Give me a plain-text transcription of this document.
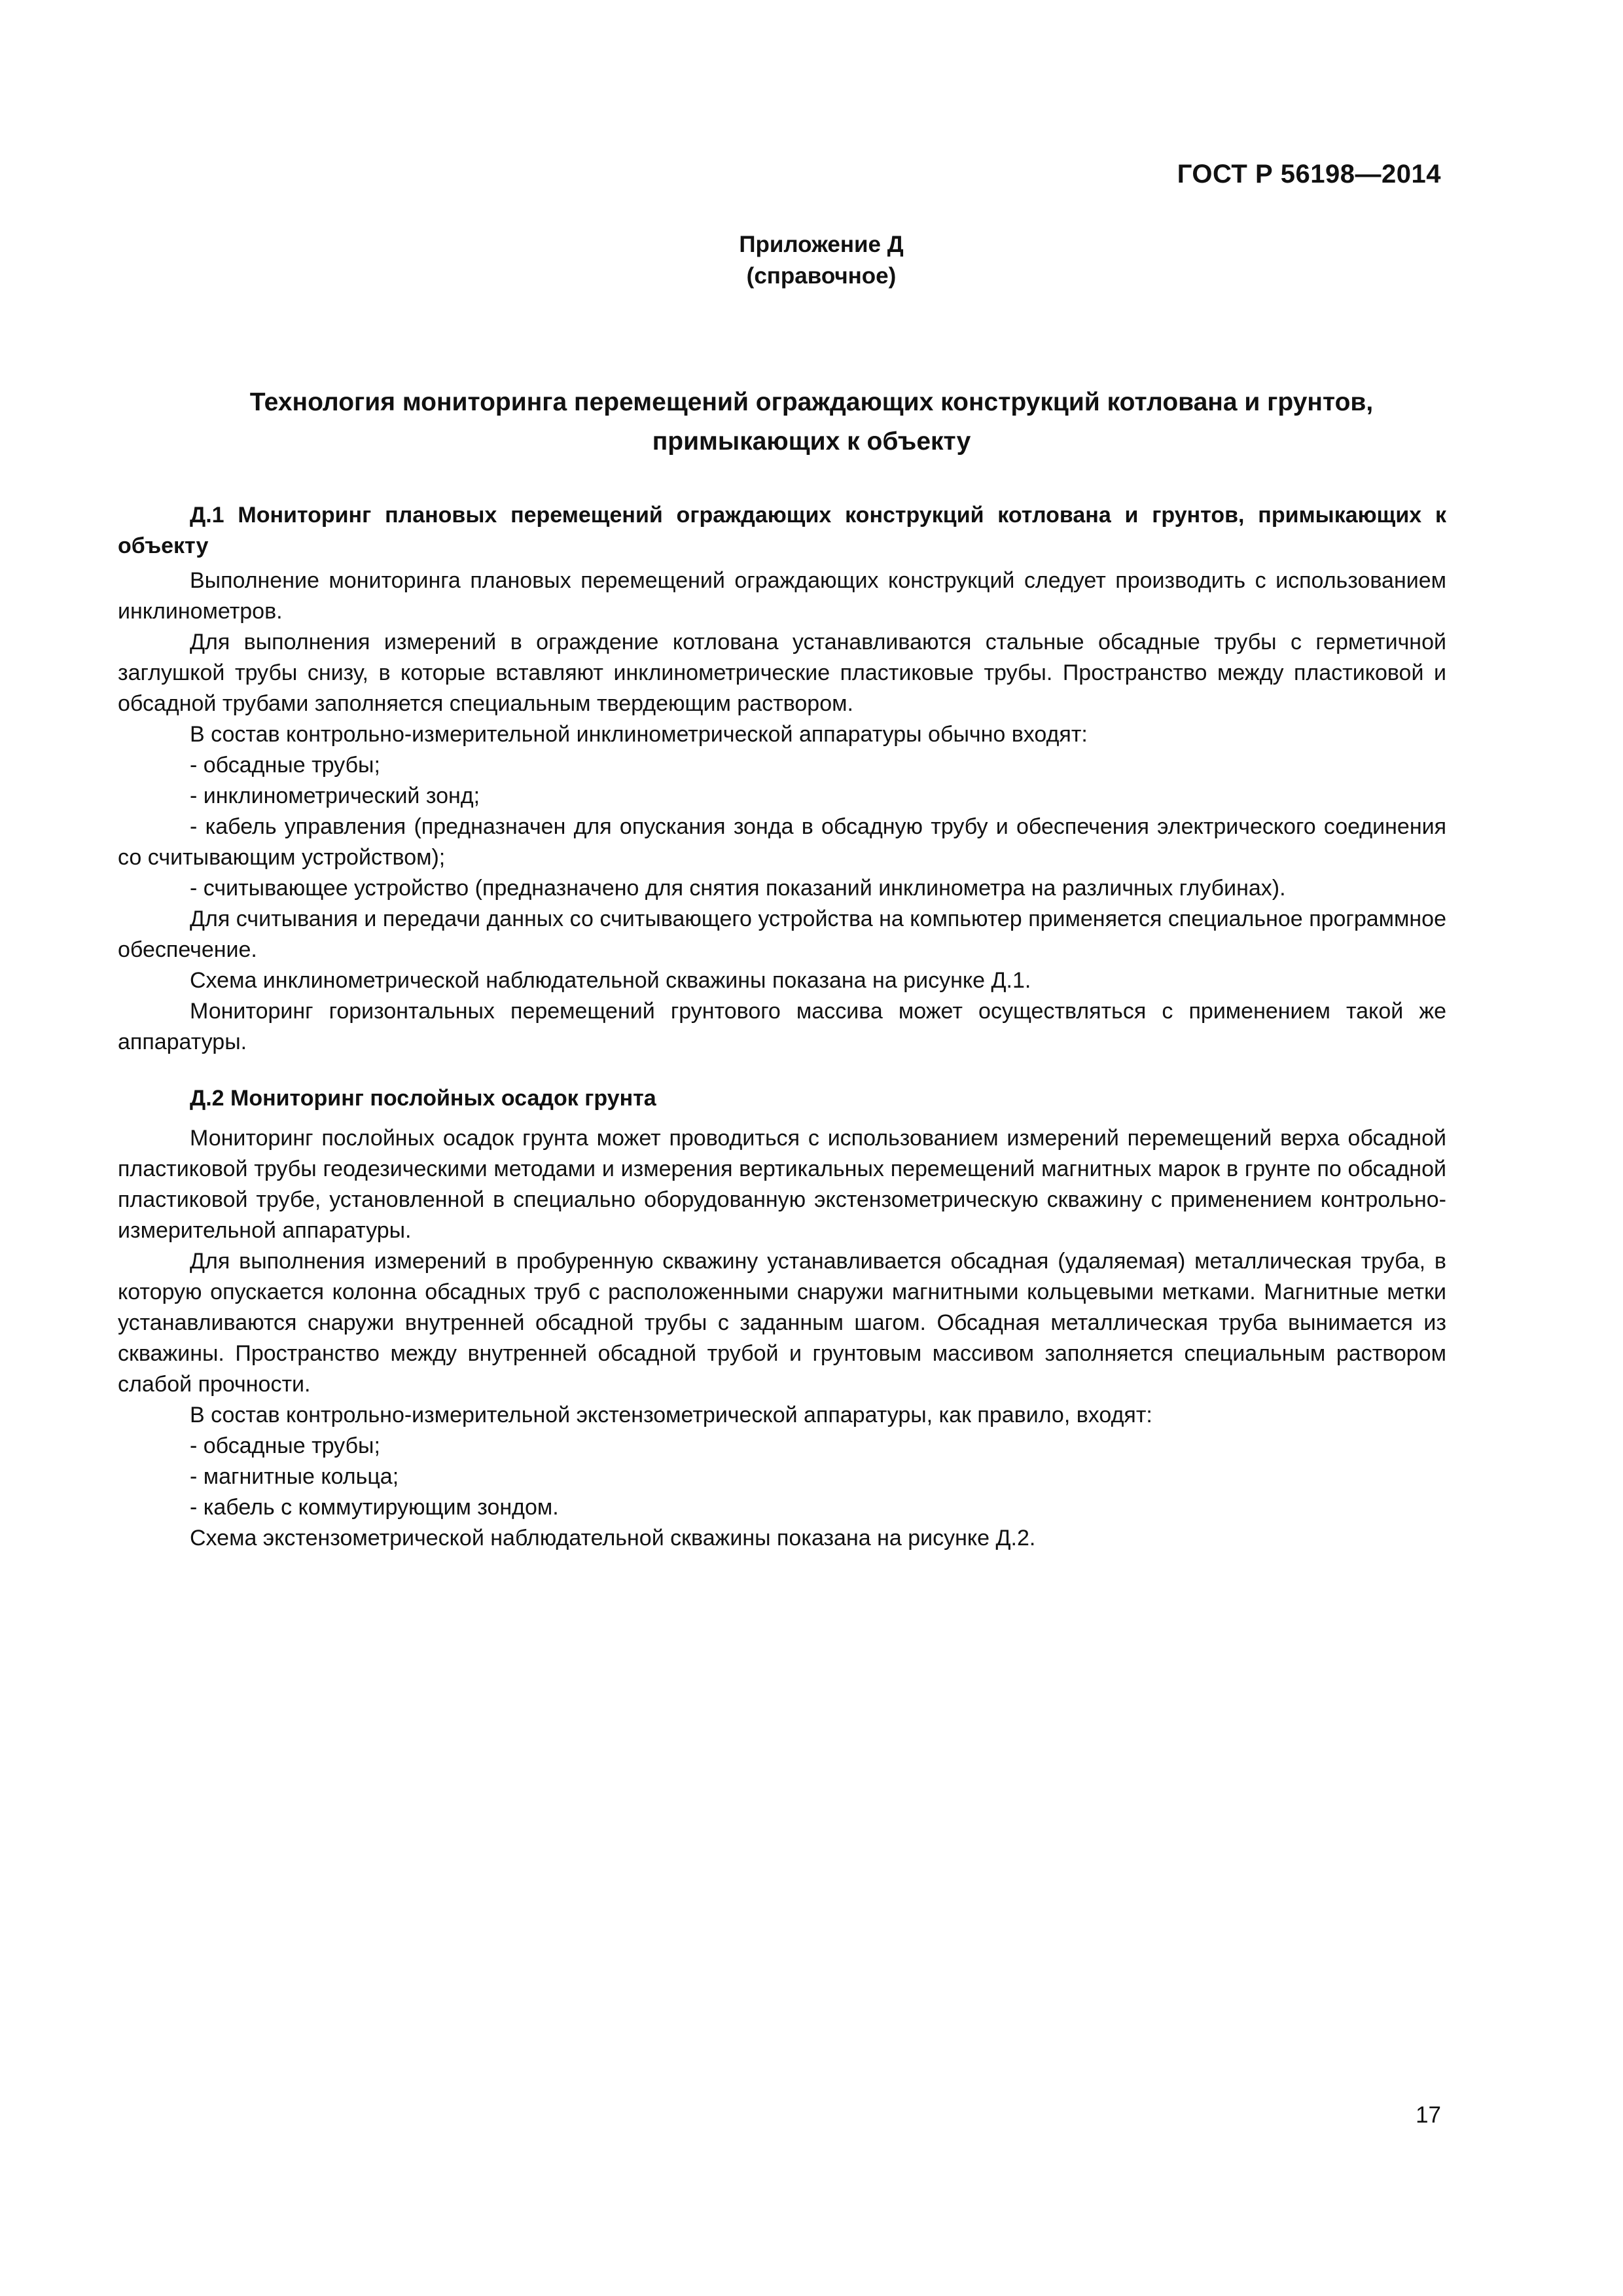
ГОСТ Р 56198—2014
Приложение Д
(справочное)
Технология мониторинга перемещений ограждающих конструкций котлована и грунтов,
примыкающих к объекту

Д.1 Мониторинг плановых перемещений ограждающих конструкций котлована и грунтов, примыкающих к объекту

Выполнение мониторинга плановых перемещений ограждающих конструкций следует производить с использованием инклинометров.

Для выполнения измерений в ограждение котлована устанавливаются стальные обсадные трубы с герметичной заглушкой трубы снизу, в которые вставляют инклинометрические пластиковые трубы. Пространство между пластиковой и обсадной трубами заполняется специальным твердеющим раствором.

В состав контрольно-измерительной инклинометрической аппаратуры обычно входят:

- обсадные трубы;
- инклинометрический зонд;
- кабель управления (предназначен для опускания зонда в обсадную трубу и обеспечения электрического соединения со считывающим устройством);
- считывающее устройство (предназначено для снятия показаний инклинометра на различных глубинах).

Для считывания и передачи данных со считывающего устройства на компьютер применяется специальное программное обеспечение.

Схема инклинометрической наблюдательной скважины показана на рисунке Д.1.

Мониторинг горизонтальных перемещений грунтового массива может осуществляться с применением такой же аппаратуры.

Д.2 Мониторинг послойных осадок грунта

Мониторинг послойных осадок грунта может проводиться с использованием измерений перемещений верха обсадной пластиковой трубы геодезическими методами и измерения вертикальных перемещений магнитных марок в грунте по обсадной пластиковой трубе, установленной в специально оборудованную экстензометрическую скважину с применением контрольно-измерительной аппаратуры.

Для выполнения измерений в пробуренную скважину устанавливается обсадная (удаляемая) металлическая труба, в которую опускается колонна обсадных труб с расположенными снаружи магнитными кольцевыми метками. Магнитные метки устанавливаются снаружи внутренней обсадной трубы с заданным шагом. Обсадная металлическая труба вынимается из скважины. Пространство между внутренней обсадной трубой и грунтовым массивом заполняется специальным раствором слабой прочности.

В состав контрольно-измерительной экстензометрической аппаратуры, как правило, входят:

- обсадные трубы;
- магнитные кольца;
- кабель с коммутирующим зондом.

Схема экстензометрической наблюдательной скважины показана на рисунке Д.2.

17
